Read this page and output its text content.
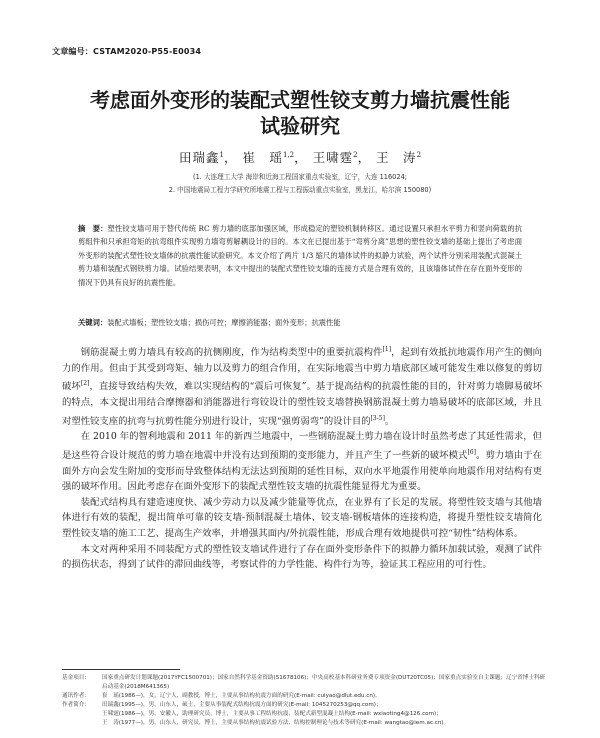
文章编号：CSTAM2020-P55-E0034
考虑面外变形的装配式塑性铰支剪力墙抗震性能
试验研究
田瑞鑫$^1$， 崔　瑶$^{1,2}$， 王啸霆$^2$， 王　涛$^2$
(1. 大连理工大学 海岸和近海工程国家重点实验室，辽宁，大连 116024;
2. 中国地震局工程力学研究所地震工程与工程振动重点实验室，黑龙江，哈尔滨 150080)
摘　要：塑性铰支墙可用于替代传统 RC 剪力墙的底部加强区域，形成稳定的塑铰机制转移区。通过设置只承担水平剪力和竖向荷载的抗剪组件和只承担弯矩的抗弯组件实现剪力墙弯剪解耦设计的目的。本文在已提出基于“弯剪分离”思想的塑性铰支墙的基础上提出了考虑面外变形的装配式塑性铰支墙体的抗震性能试验研究。本文介绍了两片 1/3 缩尺的墙体试件的拟静力试验，两个试件分别采用装配式混凝土剪力墙和装配式钢铁剪力墙。试验结果表明，本文中提出的装配式塑性铰支墙的连接方式是合理有效的，且该墙体试件在存在面外变形的情况下仍具有良好的抗震性能。
关键词：装配式墙板；塑性铰支墙；损伤可控；摩擦消能器；面外变形；抗震性能

钢筋混凝土剪力墙具有较高的抗侧刚度，作为结构类型中的重要抗震构件[1]，起到有效抵抗地震作用产生的侧向力的作用。但由于其受到弯矩、轴力以及剪力的组合作用，在实际地震当中剪力墙底部区域可能发生难以修复的剪切破坏[2]，直接导致结构失效，难以实现结构的“震后可恢复”。基于提高结构的抗震性能的目的，针对剪力墙脚易破坏的特点，本文提出用结合摩擦器和消能器进行弯铰设计的塑性铰支墙替换钢筋混凝土剪力墙易破坏的底部区域，并且对塑性铰支座的抗弯与抗剪性能分别进行设计，实现“强剪弱弯”的设计目的[3-5]。

在 2010 年的智利地震和 2011 年的新西兰地震中，一些钢筋混凝土剪力墙在设计时虽然考虑了其延性需求，但是这些符合设计规范的剪力墙在地震中并没有达到预期的变形能力，并且产生了一些新的破坏模式[6]。剪力墙由于在面外方向会发生附加的变形而导致整体结构无法达到预期的延性目标，双向水平地震作用使单向地震作用对结构有更强的破坏作用。因此考虑存在面外变形下的装配式塑性铰支墙的抗震性能显得尤为重要。

装配式结构具有建造速度快、减少劳动力以及减少能量等优点，在业界有了长足的发展。将塑性铰支墙与其他墙体进行有效的装配，提出简单可靠的铰支墙-预制混凝土墙体、铰支墙-钢板墙体的连接构造，将提升塑性铰支墙简化塑性铰支墙的施工工艺、提高生产效率，并增强其面内/外抗震性能，形成合理有效地提供可控“韧性”结构体系。

本文对两种采用不同装配方式的塑性铰支墙试件进行了存在面外变形条件下的拟静力循环加载试验，观测了试件的损伤状态，得到了试件的滞回曲线等，考察试件的力学性能、构件行为等，验证其工程应用的可行性。

基金项目：	国家重点研发计划课题(2017YFC1500701)；国家自然科学基金资助(51678106)；中央高校基本科研业务费专项资金(DUT20TC05)；国家重点实验室自主课题；辽宁省博士科研启动基金(2018M641365)
通讯作者：	崔　瑶(1986—)，女，辽宁人，副教授，博士，主要从事结构抗震方面的研究(E-mail: cuiyao@dlut.edu.cn)。
作者简介：	田瑞鑫(1995—)，男，山东人，硕士，主要从事装配式结构抗震方面的研究(E-mail: 1045270253@qq.com)；
王啸霆(1986—)，男，安徽人，助理研究员，博士，主要从事工程结构抗震、装配式新型混凝土结构(E-mail: wxiaoting4@126.com)；
王　涛(1977—)，男，山东人，研究员，博士，主要从事结构抗震试验方法、结构控制理论与技术等研究(E-mail: wangtao@iem.ac.cn)。
